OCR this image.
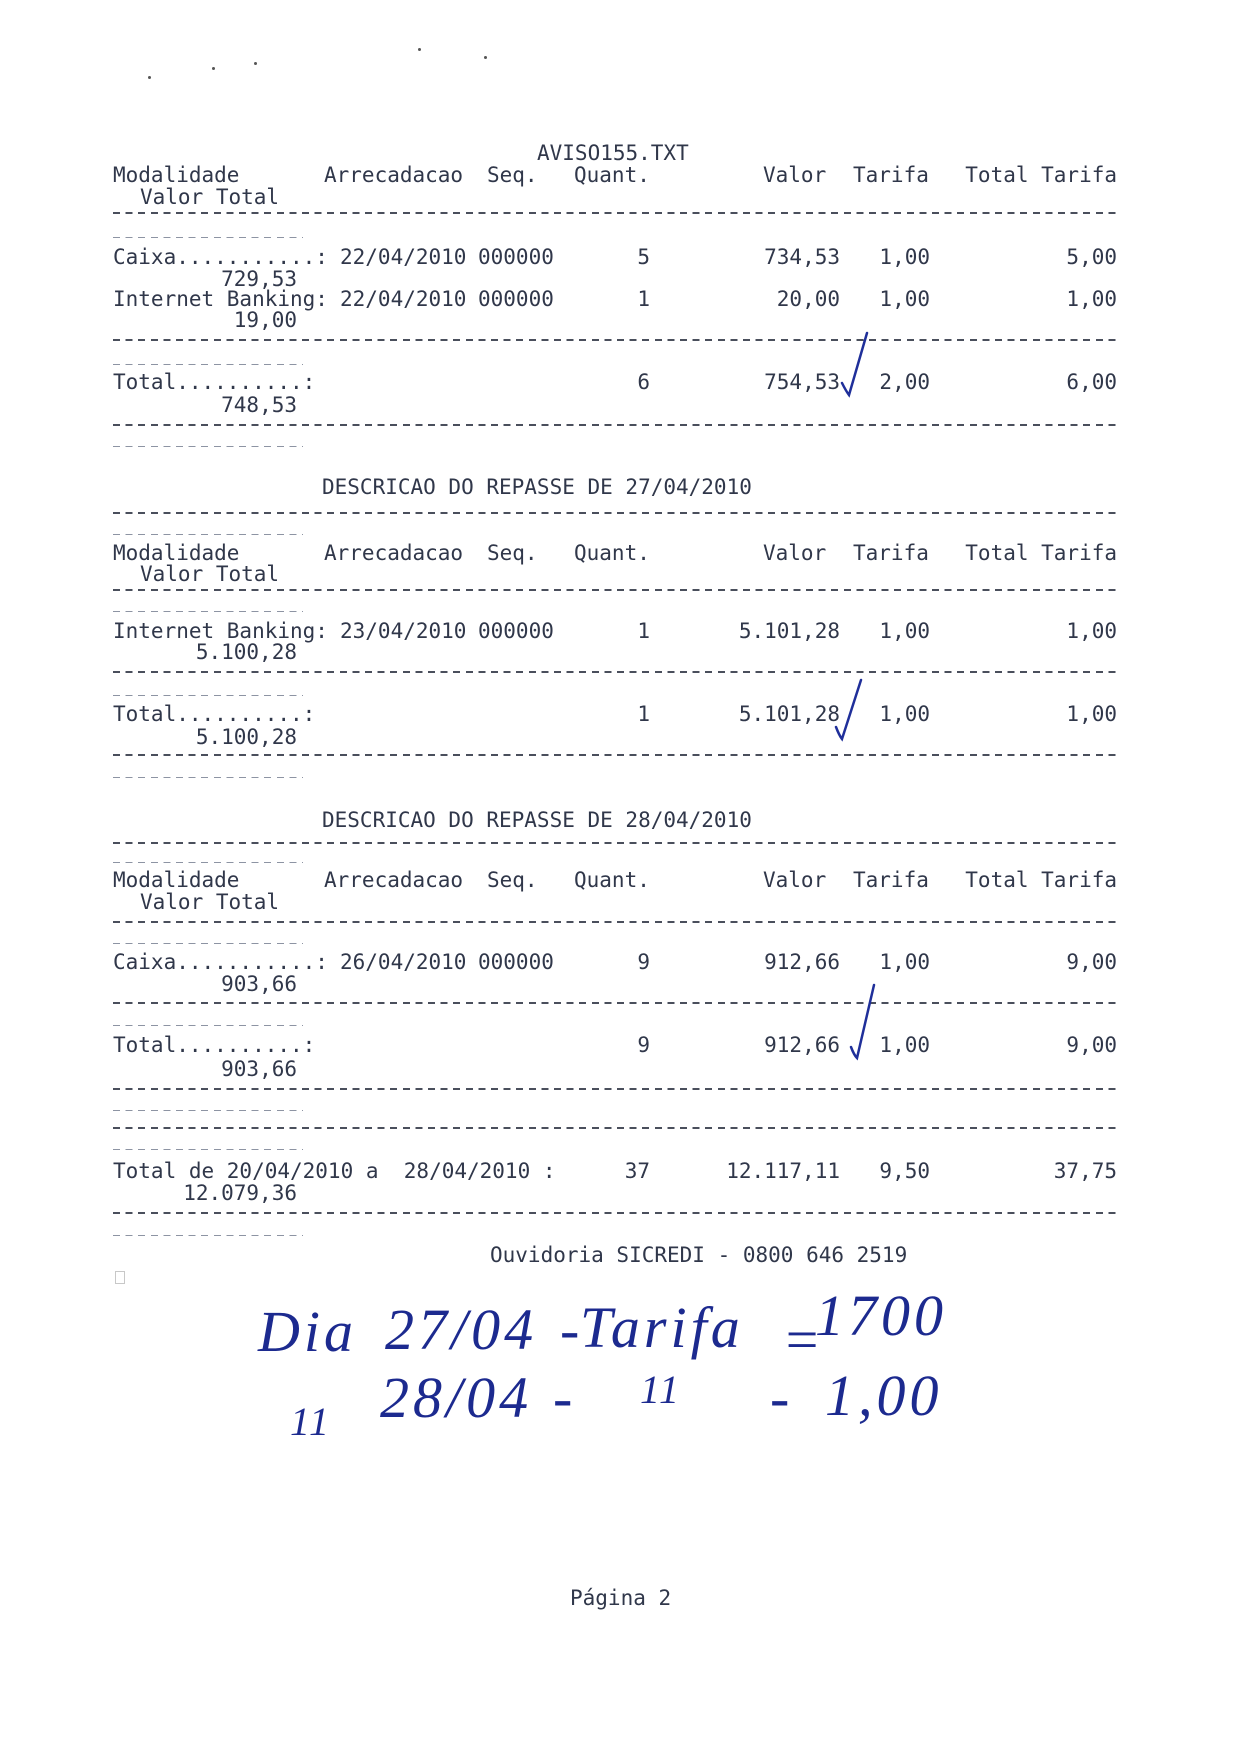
AVISO155.TXT
Modalidade	Arrecadacao Seq. Quant.	Valor Tarifa Total Tarifa
Valor Total
Caixa...........: 22/04/2010 000000	5	734,53 1,00	5,00
729,53
Internet Banking: 22/04/2010 000000	1	20,00 1,00	1,00
19,00
Total..........:	6	754,53 2,00	6,00
748,53
DESCRICAO DO REPASSE DE 27/04/2010
Modalidade	Arrecadacao Seq. Quant.	Valor Tarifa Total Tarifa
Valor Total
Internet Banking: 23/04/2010 000000	1	5.101,28 1,00	1,00
5.100,28
Total..........:	1	5.101,28 1,00	1,00
5.100,28
DESCRICAO DO REPASSE DE 28/04/2010
Modalidade	Arrecadacao Seq. Quant.	Valor Tarifa Total Tarifa
Valor Total
Caixa...........: 26/04/2010 000000	9	912,66 1,00	9,00
903,66
Total..........:	9	912,66 1,00	9,00
903,66
Total de 20/04/2010 a  28/04/2010 :	37	12.117,11 9,50	37,75
12.079,36
Ouvidoria SICREDI - 0800 646 2519
Dia 27/04 -
Tarifa =
1700
11 28/04 - 11 - 1,00
Página 2
